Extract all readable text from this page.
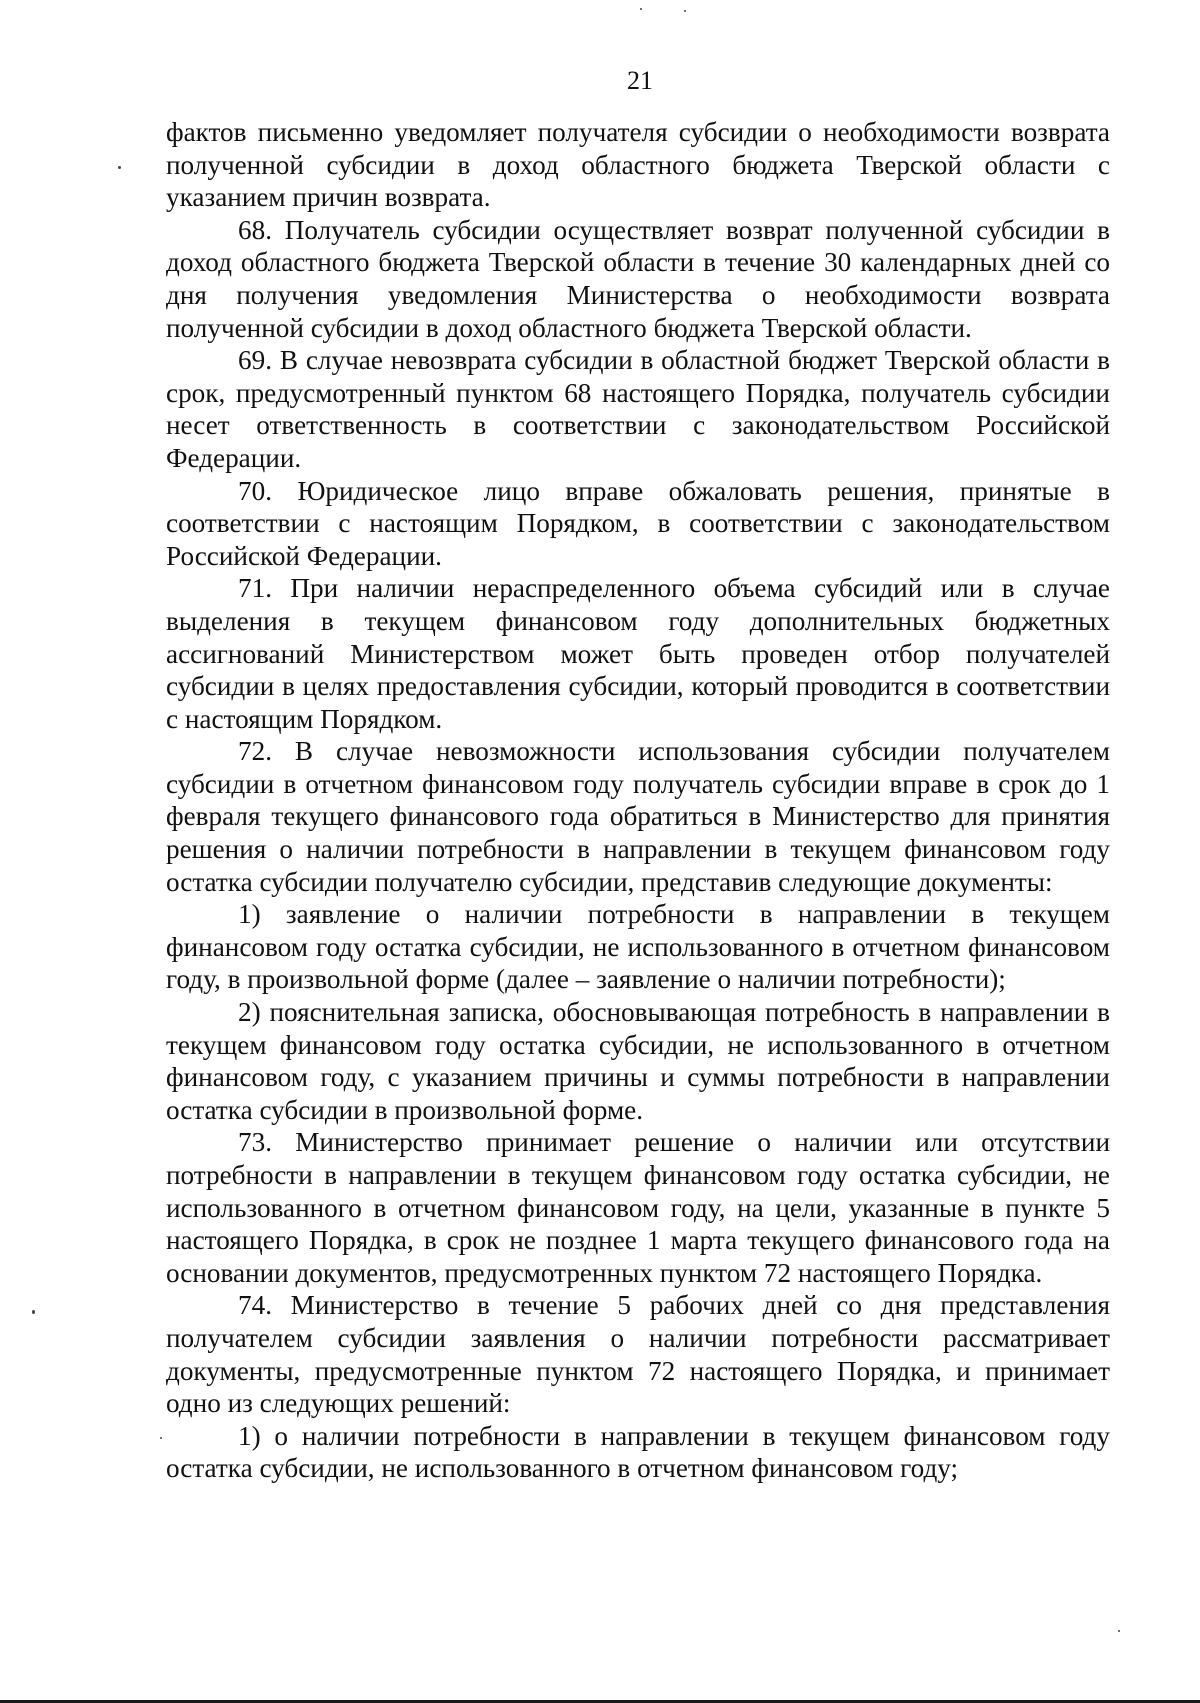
21

фактов письменно уведомляет получателя субсидии о необходимости возврата полученной субсидии в доход областного бюджета Тверской области с указанием причин возврата.

68. Получатель субсидии осуществляет возврат полученной субсидии в доход областного бюджета Тверской области в течение 30 календарных дней со дня получения уведомления Министерства о необходимости возврата полученной субсидии в доход областного бюджета Тверской области.

69. В случае невозврата субсидии в областной бюджет Тверской области в срок, предусмотренный пунктом 68 настоящего Порядка, получатель субсидии несет ответственность в соответствии с законодательством Российской Федерации.

70. Юридическое лицо вправе обжаловать решения, принятые в соответствии с настоящим Порядком, в соответствии с законодательством Российской Федерации.

71. При наличии нераспределенного объема субсидий или в случае выделения в текущем финансовом году дополнительных бюджетных ассигнований Министерством может быть проведен отбор получателей субсидии в целях предоставления субсидии, который проводится в соответствии с настоящим Порядком.

72. В случае невозможности использования субсидии получателем субсидии в отчетном финансовом году получатель субсидии вправе в срок до 1 февраля текущего финансового года обратиться в Министерство для принятия решения о наличии потребности в направлении в текущем финансовом году остатка субсидии получателю субсидии, представив следующие документы:

1) заявление о наличии потребности в направлении в текущем финансовом году остатка субсидии, не использованного в отчетном финансовом году, в произвольной форме (далее – заявление о наличии потребности);

2) пояснительная записка, обосновывающая потребность в направлении в текущем финансовом году остатка субсидии, не использованного в отчетном финансовом году, с указанием причины и суммы потребности в направлении остатка субсидии в произвольной форме.

73. Министерство принимает решение о наличии или отсутствии потребности в направлении в текущем финансовом году остатка субсидии, не использованного в отчетном финансовом году, на цели, указанные в пункте 5 настоящего Порядка, в срок не позднее 1 марта текущего финансового года на основании документов, предусмотренных пунктом 72 настоящего Порядка.

74. Министерство в течение 5 рабочих дней со дня представления получателем субсидии заявления о наличии потребности рассматривает документы, предусмотренные пунктом 72 настоящего Порядка, и принимает одно из следующих решений:

1) о наличии потребности в направлении в текущем финансовом году остатка субсидии, не использованного в отчетном финансовом году;
